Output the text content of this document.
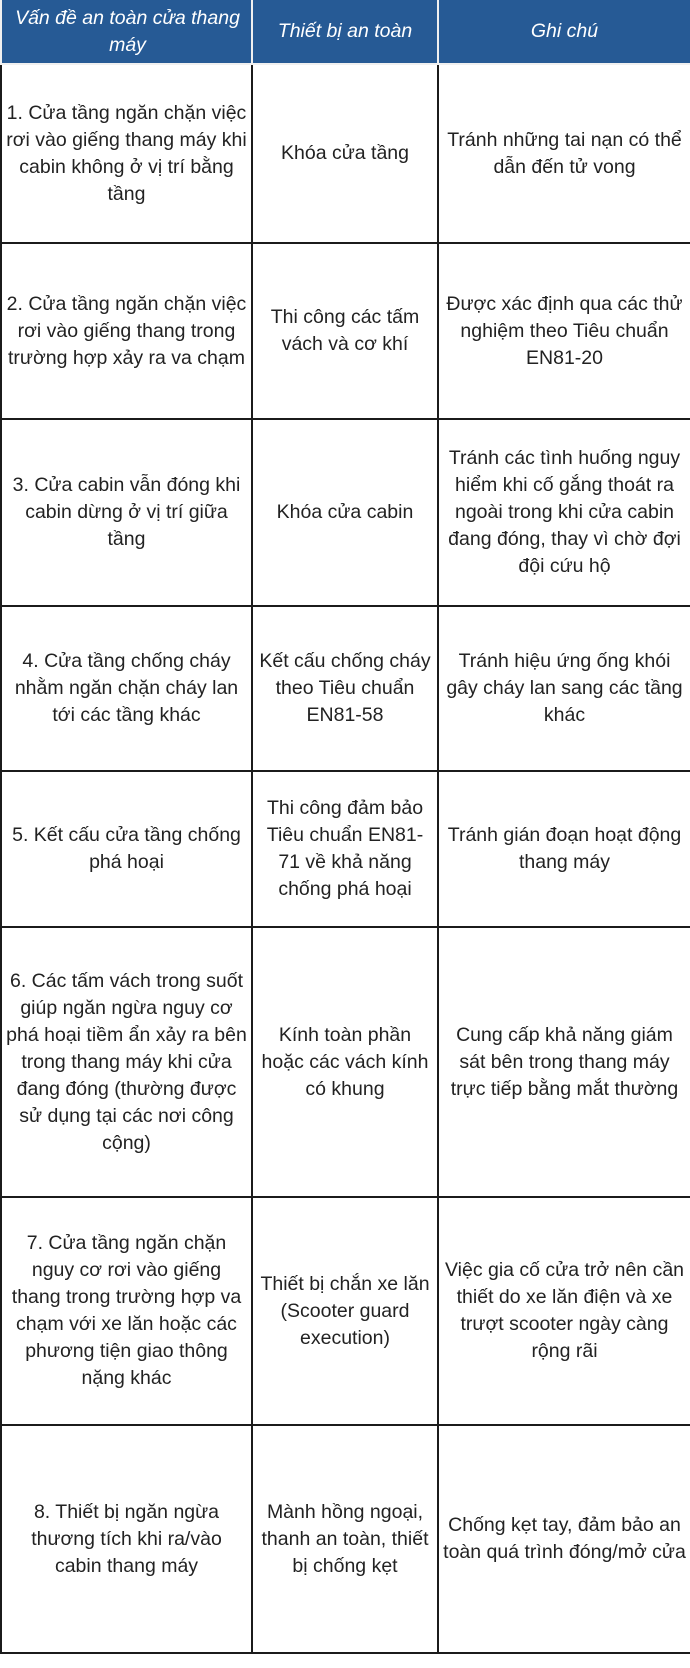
Vấn đề an toàn cửa thang máy	Thiết bị an toàn	Ghi chú
1. Cửa tầng ngăn chặn việc rơi vào giếng thang máy khi cabin không ở vị trí bằng tầng	Khóa cửa tầng	Tránh những tai nạn có thể dẫn đến tử vong
2. Cửa tầng ngăn chặn việc rơi vào giếng thang trong trường hợp xảy ra va chạm	Thi công các tấm vách và cơ khí	Được xác định qua các thử nghiệm theo Tiêu chuẩn EN81-20
3. Cửa cabin vẫn đóng khi cabin dừng ở vị trí giữa tầng	Khóa cửa cabin	Tránh các tình huống nguy hiểm khi cố gắng thoát ra ngoài trong khi cửa cabin đang đóng, thay vì chờ đợi đội cứu hộ
4. Cửa tầng chống cháy nhằm ngăn chặn cháy lan tới các tầng khác	Kết cấu chống cháy theo Tiêu chuẩn EN81-58	Tránh hiệu ứng ống khói gây cháy lan sang các tầng khác
5. Kết cấu cửa tầng chống phá hoại	Thi công đảm bảo Tiêu chuẩn EN81-71 về khả năng chống phá hoại	Tránh gián đoạn hoạt động thang máy
6. Các tấm vách trong suốt giúp ngăn ngừa nguy cơ phá hoại tiềm ẩn xảy ra bên trong thang máy khi cửa đang đóng (thường được sử dụng tại các nơi công cộng)	Kính toàn phần hoặc các vách kính có khung	Cung cấp khả năng giám sát bên trong thang máy trực tiếp bằng mắt thường
7. Cửa tầng ngăn chặn nguy cơ rơi vào giếng thang trong trường hợp va chạm với xe lăn hoặc các phương tiện giao thông nặng khác	Thiết bị chắn xe lăn (Scooter guard execution)	Việc gia cố cửa trở nên cần thiết do xe lăn điện và xe trượt scooter ngày càng rộng rãi
8. Thiết bị ngăn ngừa thương tích khi ra/vào cabin thang máy	Mành hồng ngoại, thanh an toàn, thiết bị chống kẹt	Chống kẹt tay, đảm bảo an toàn quá trình đóng/mở cửa
